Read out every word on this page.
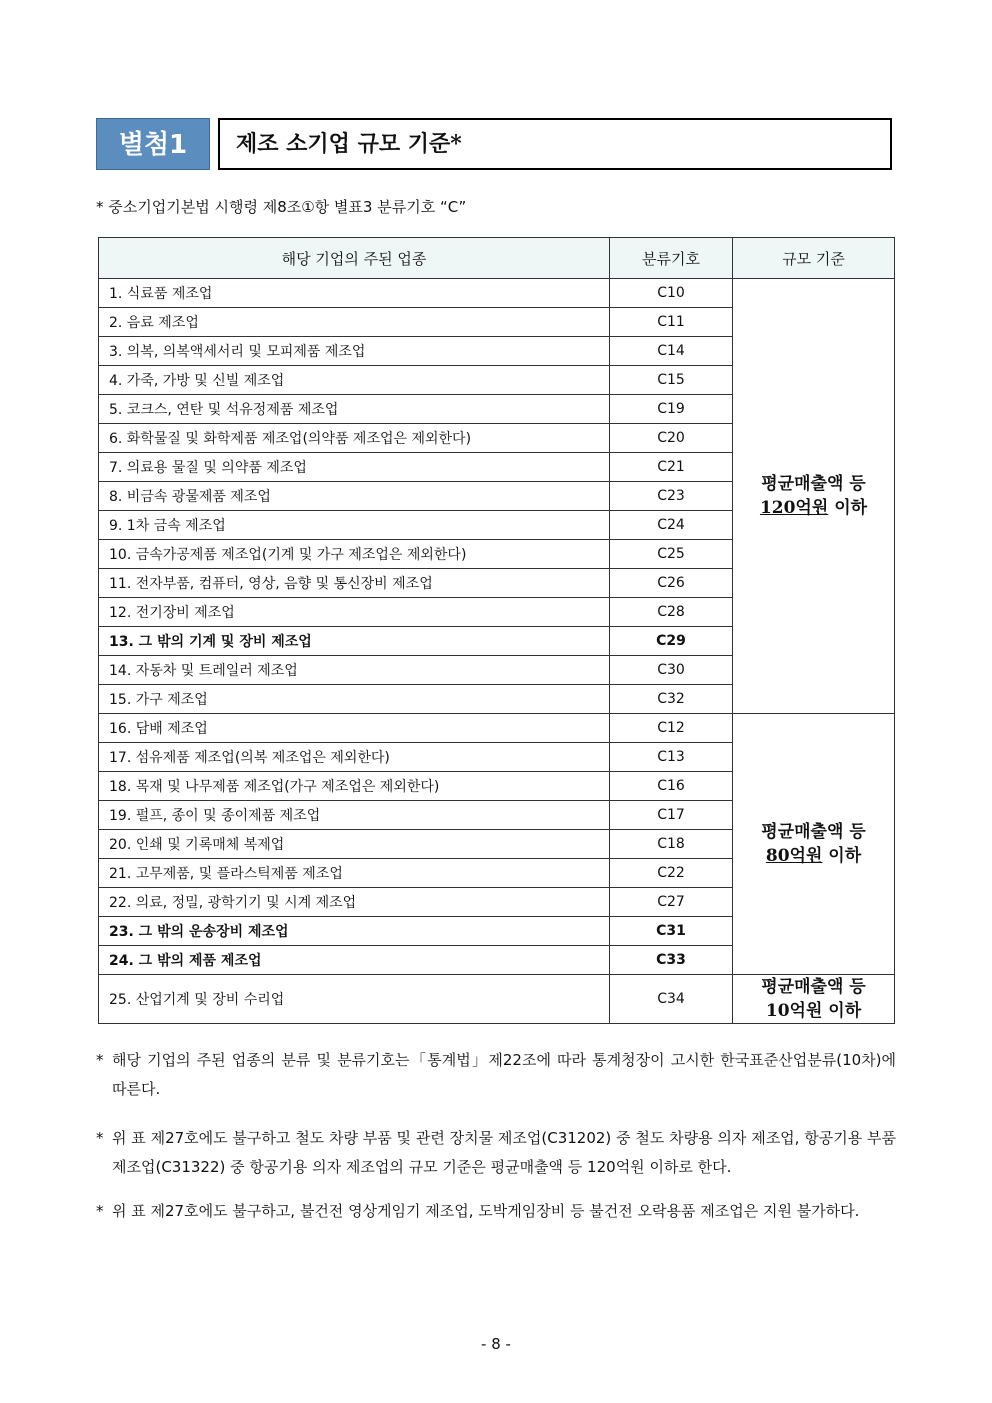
별첨1	제조 소기업 규모 기준*
* 중소기업기본법 시행령 제8조①항 별표3 분류기호 “C”
해당 기업의 주된 업종	분류기호	규모 기준
1. 식료품 제조업	C10	평균매출액 등
120억원 이하
2. 음료 제조업	C11	
3. 의복, 의복액세서리 및 모피제품 제조업	C14	
4. 가죽, 가방 및 신빌 제조업	C15	
5. 코크스, 연탄 및 석유정제품 제조업	C19	
6. 화학물질 및 화학제품 제조업(의약품 제조업은 제외한다)	C20	
7. 의료용 물질 및 의약품 제조업	C21	
8. 비금속 광물제품 제조업	C23	
9. 1차 금속 제조업	C24	
10. 금속가공제품 제조업(기계 및 가구 제조업은 제외한다)	C25	
11. 전자부품, 컴퓨터, 영상, 음향 및 통신장비 제조업	C26	
12. 전기장비 제조업	C28	
13. 그 밖의 기계 및 장비 제조업	C29	
14. 자동차 및 트레일러 제조업	C30	
15. 가구 제조업	C32	
16. 담배 제조업	C12	평균매출액 등
80억원 이하
17. 섬유제품 제조업(의복 제조업은 제외한다)	C13	
18. 목재 및 나무제품 제조업(가구 제조업은 제외한다)	C16	
19. 펄프, 종이 및 종이제품 제조업	C17	
20. 인쇄 및 기록매체 복제업	C18	
21. 고무제품, 및 플라스틱제품 제조업	C22	
22. 의료, 정밀, 광학기기 및 시계 제조업	C27	
23. 그 밖의 운송장비 제조업	C31	
24. 그 밖의 제품 제조업	C33	
25. 산업기계 및 장비 수리업	C34	평균매출액 등
10억원 이하
* 해당 기업의 주된 업종의 분류 및 분류기호는「통계법」제22조에 따라 통계청장이 고시한 한국표준산업분류(10차)에 따른다.
* 위 표 제27호에도 불구하고 철도 차량 부품 및 관련 장치물 제조업(C31202) 중 철도 차량용 의자 제조업, 항공기용 부품 제조업(C31322) 중 항공기용 의자 제조업의 규모 기준은 평균매출액 등 120억원 이하로 한다.
* 위 표 제27호에도 불구하고, 불건전 영상게임기 제조업, 도박게임장비 등 불건전 오락용품 제조업은 지원 불가하다.
- 8 -
